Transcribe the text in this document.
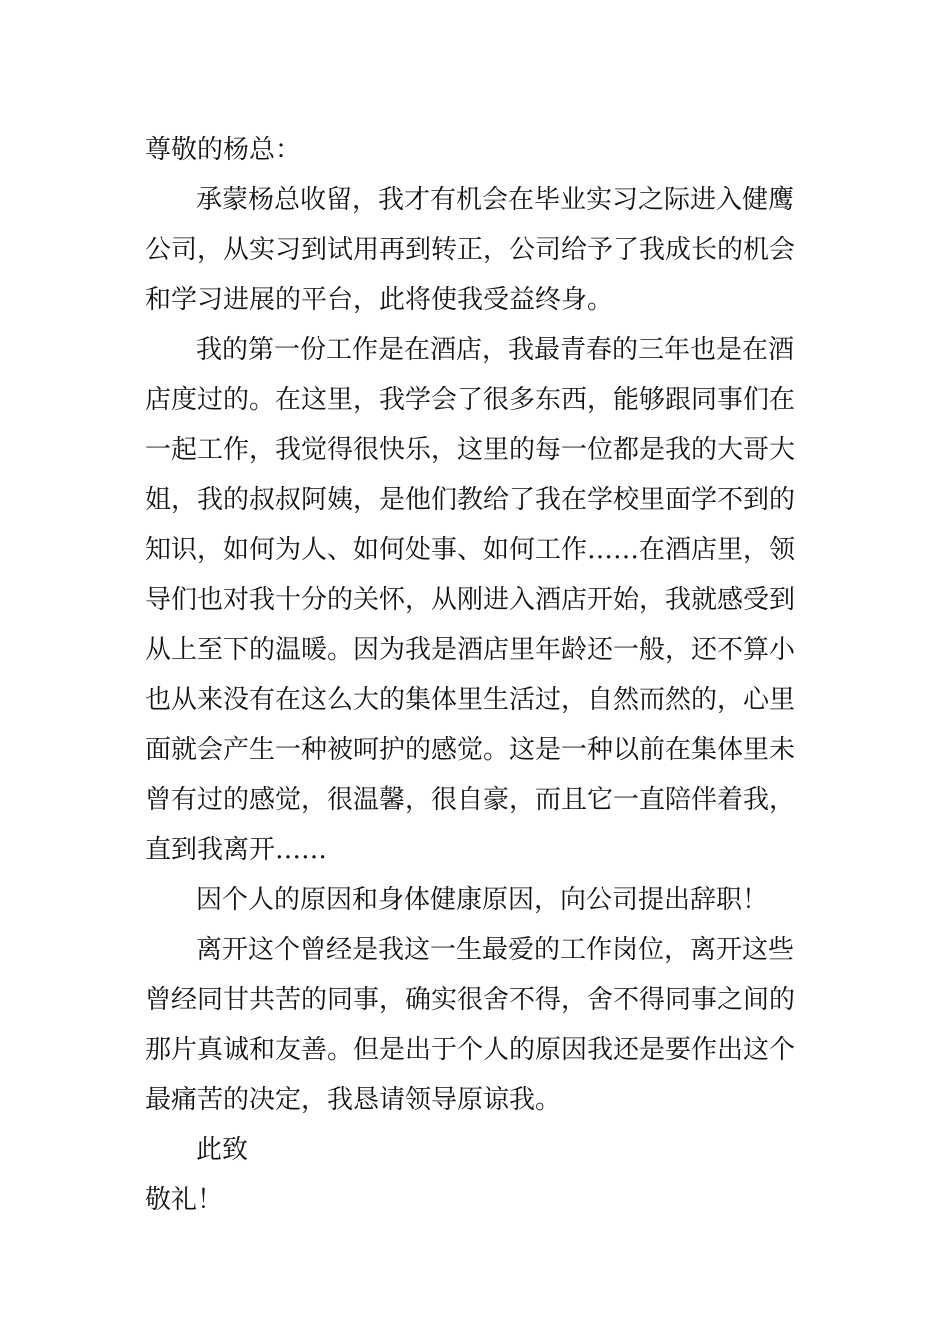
尊敬的杨总：
承蒙杨总收留，我才有机会在毕业实习之际进入健鹰
公司，从实习到试用再到转正，公司给予了我成长的机会
和学习进展的平台，此将使我受益终身。
我的第一份工作是在酒店，我最青春的三年也是在酒
店度过的。在这里，我学会了很多东西，能够跟同事们在
一起工作，我觉得很快乐，这里的每一位都是我的大哥大
姐，我的叔叔阿姨，是他们教给了我在学校里面学不到的
知识，如何为人、如何处事、如何工作……在酒店里，领
导们也对我十分的关怀，从刚进入酒店开始，我就感受到
从上至下的温暖。因为我是酒店里年龄还一般，还不算小
也从来没有在这么大的集体里生活过，自然而然的，心里
面就会产生一种被呵护的感觉。这是一种以前在集体里未
曾有过的感觉，很温馨，很自豪，而且它一直陪伴着我，
直到我离开……
因个人的原因和身体健康原因，向公司提出辞职！
离开这个曾经是我这一生最爱的工作岗位，离开这些
曾经同甘共苦的同事，确实很舍不得，舍不得同事之间的
那片真诚和友善。但是出于个人的原因我还是要作出这个
最痛苦的决定，我恳请领导原谅我。
此致
敬礼！
